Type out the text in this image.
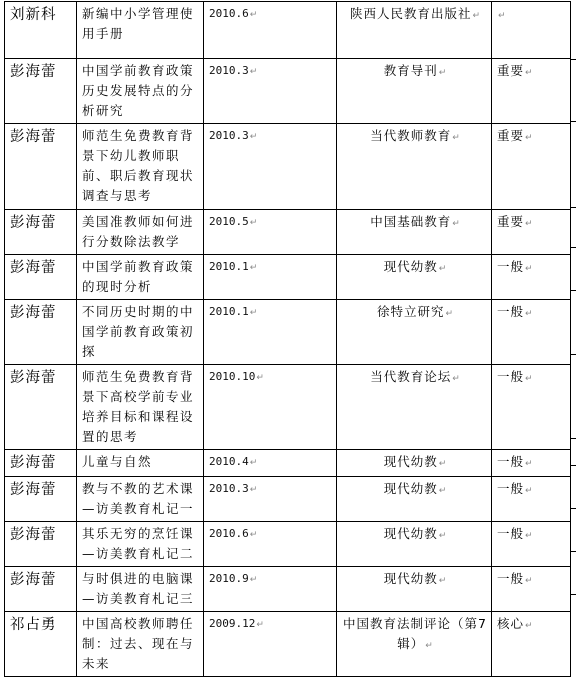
刘新科	新编中小学管理使用手册	2010.6↵	陕西人民教育出版社↵	↵
彭海蕾	中国学前教育政策历史发展特点的分析研究	2010.3↵	教育导刊↵	重要↵
彭海蕾	师范生免费教育背景下幼儿教师职前、职后教育现状调查与思考	2010.3↵	当代教师教育↵	重要↵
彭海蕾	美国准教师如何进行分数除法教学	2010.5↵	中国基础教育↵	重要↵
彭海蕾	中国学前教育政策的现时分析	2010.1↵	现代幼教↵	一般↵
彭海蕾	不同历史时期的中国学前教育政策初探	2010.1↵	徐特立研究↵	一般↵
彭海蕾	师范生免费教育背景下高校学前专业培养目标和课程设置的思考	2010.10↵	当代教育论坛↵	一般↵
彭海蕾	儿童与自然	2010.4↵	现代幼教↵	一般↵
彭海蕾	教与不教的艺术课—访美教育札记一	2010.3↵	现代幼教↵	一般↵
彭海蕾	其乐无穷的烹饪课—访美教育札记二	2010.6↵	现代幼教↵	一般↵
彭海蕾	与时俱进的电脑课—访美教育札记三	2010.9↵	现代幼教↵	一般↵
祁占勇	中国高校教师聘任制：过去、现在与未来	2009.12↵	中国教育法制评论（第7辑）↵	核心↵
